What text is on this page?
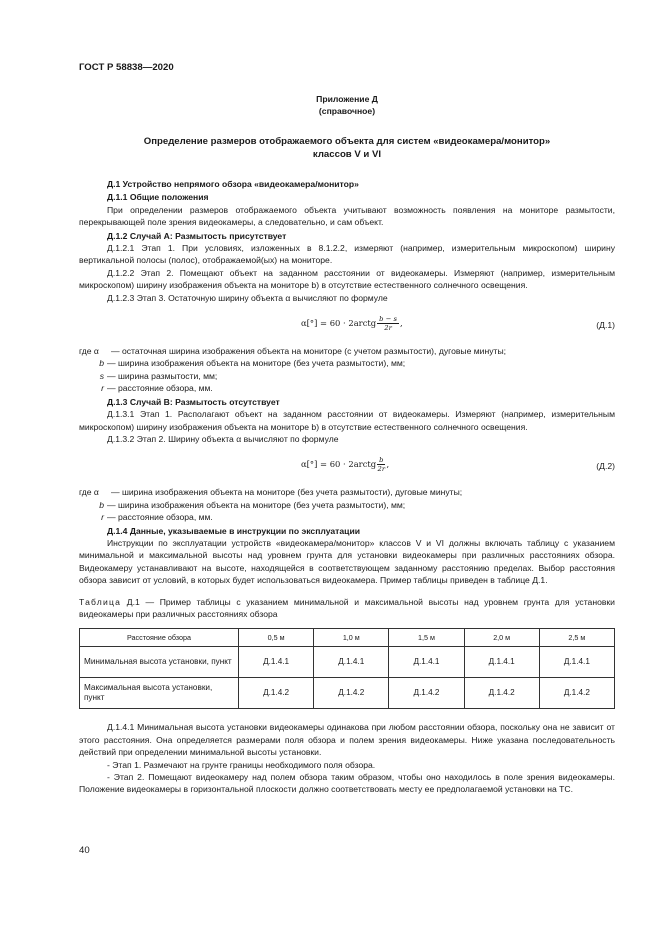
ГОСТ Р 58838—2020
Приложение Д
(справочное)
Определение размеров отображаемого объекта для систем «видеокамера/монитор»
классов V и VI
Д.1 Устройство непрямого обзора «видеокамера/монитор»
Д.1.1 Общие положения

При определении размеров отображаемого объекта учитывают возможность появления на мониторе размытости, перекрывающей поле зрения видеокамеры, а следовательно, и сам объект.

Д.1.2 Случай А: Размытость присутствует

Д.1.2.1 Этап 1. При условиях, изложенных в 8.1.2.2, измеряют (например, измерительным микроскопом) ширину вертикальной полосы (полос), отображаемой(ых) на мониторе.

Д.1.2.2 Этап 2. Помещают объект на заданном расстоянии от видеокамеры. Измеряют (например, измерительным микроскопом) ширину изображения объекта на мониторе b) в отсутствие естественного солнечного освещения.

Д.1.2.3 Этап 3. Остаточную ширину объекта α вычисляют по формуле

α[°] = 60 · 2arctg $\frac{b - s}{2r}$ ,	(Д.1)
где α	— остаточная ширина изображения объекта на мониторе (с учетом размытости), дуговые минуты;
b — ширина изображения объекта на мониторе (без учета размытости), мм;
s — ширина размытости, мм;
r — расстояние обзора, мм.
Д.1.3 Случай В: Размытость отсутствует

Д.1.3.1 Этап 1. Располагают объект на заданном расстоянии от видеокамеры. Измеряют (например, измерительным микроскопом) ширину изображения объекта на мониторе b) в отсутствие естественного солнечного освещения.

Д.1.3.2 Этап 2. Ширину объекта α вычисляют по формуле

α[°] = 60 · 2arctg $\frac{b}{2r}$ ,	(Д.2)
где α	— ширина изображения объекта на мониторе (без учета размытости), дуговые минуты;
b — ширина изображения объекта на мониторе (без учета размытости), мм;
r — расстояние обзора, мм.
Д.1.4 Данные, указываемые в инструкции по эксплуатации

Инструкции по эксплуатации устройств «видеокамера/монитор» классов V и VI должны включать таблицу с указанием минимальной и максимальной высоты над уровнем грунта для установки видеокамеры при различных расстояниях обзора. Видеокамеру устанавливают на высоте, находящейся в соответствующем заданному расстоянию пределах. Выбор расстояния обзора зависит от условий, в которых будет использоваться видеокамера. Пример таблицы приведен в таблице Д.1.

Таблица Д.1 — Пример таблицы с указанием минимальной и максимальной высоты над уровнем грунта для установки видеокамеры при различных расстояниях обзора

Расстояние обзора	0,5 м	1,0 м	1,5 м	2,0 м	2,5 м
Минимальная высота установки, пункт	Д.1.4.1	Д.1.4.1	Д.1.4.1	Д.1.4.1	Д.1.4.1
Максимальная высота установки, пункт	Д.1.4.2	Д.1.4.2	Д.1.4.2	Д.1.4.2	Д.1.4.2

Д.1.4.1 Минимальная высота установки видеокамеры одинакова при любом расстоянии обзора, поскольку она не зависит от этого расстояния. Она определяется размерами поля обзора и полем зрения видеокамеры. Ниже указана последовательность действий при определении минимальной высоты установки.

- Этап 1. Размечают на грунте границы необходимого поля обзора.

- Этап 2. Помещают видеокамеру над полем обзора таким образом, чтобы оно находилось в поле зрения видеокамеры. Положение видеокамеры в горизонтальной плоскости должно соответствовать месту ее предполагаемой установки на ТС.

40
